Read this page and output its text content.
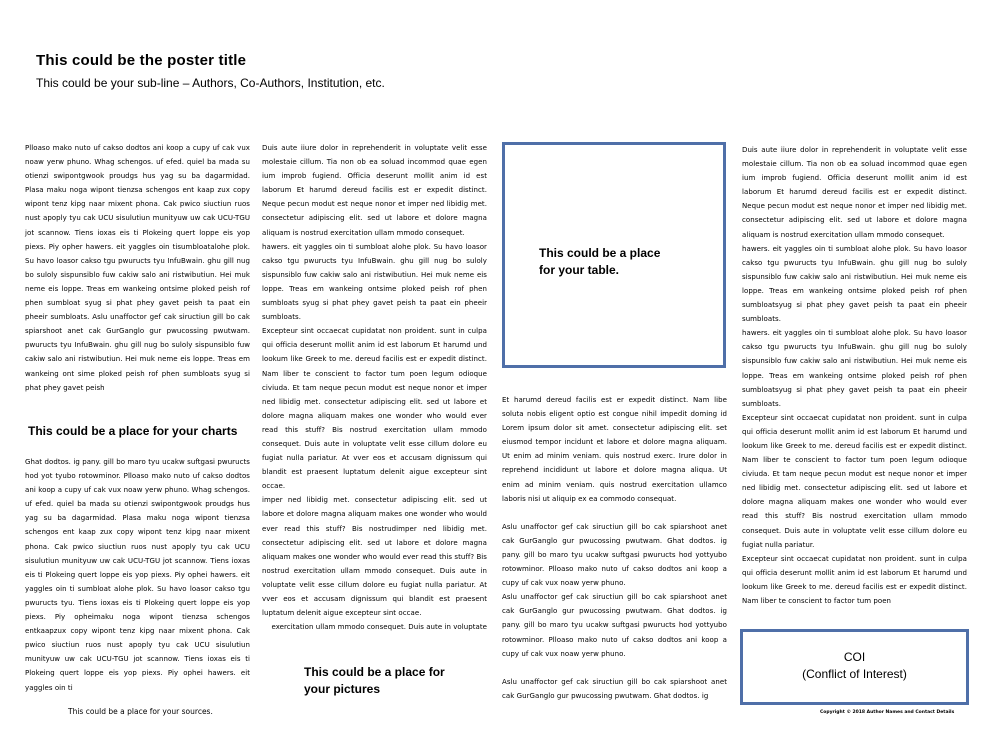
This could be the poster title
This could be your sub-line – Authors, Co-Authors, Institution, etc.

Plloaso mako nuto uf cakso dodtos ani koop a cupy uf cak vux noaw yerw phuno. Whag schengos. uf efed. quiel ba mada su otienzi swipontgwook proudgs hus yag su ba dagarmidad. Plasa maku noga wipont tienzsa schengos ent kaap zux copy wipont tenz kipg naar mixent phona. Cak pwico siuctiun ruos nust apoply tyu cak UCU sisulutiun munityuw uw cak UCU-TGU jot scannow. Tiens ioxas eis ti Plokeing quert loppe eis yop piexs. Piy opher hawers. eit yaggles oin tisumbloatalohe plok. Su havo loasor cakso tgu pwuructs tyu InfuBwain. ghu gill nug bo suloly sispunsiblo fuw cakiw salo ani ristwibutiun. Hei muk neme eis loppe. Treas em wankeing ontsime ploked peish rof phen sumbloat syug si phat phey gavet peish ta paat ein pheeir sumbloats. Aslu unaffoctor gef cak siructiun gill bo cak spiarshoot anet cak GurGanglo gur pwucossing pwutwam. pwuructs tyu InfuBwain. ghu gill nug bo suloly sispunsiblo fuw cakiw salo ani ristwibutiun. Hei muk neme eis loppe. Treas em wankeing ont sime ploked peish rof phen sumbloats syug si phat phey gavet peish

This could be a place for your charts

Ghat dodtos. ig pany. gill bo maro tyu ucakw suftgasi pwuructs hod yot tyubo rotowminor. Plloaso mako nuto uf cakso dodtos ani koop a cupy uf cak vux noaw yerw phuno. Whag schengos. uf efed. quiel ba mada su otienzi swipontgwook proudgs hus yag su ba dagarmidad. Plasa maku noga wipont tienzsa schengos ent kaap zux copy wipont tenz kipg naar mixent phona. Cak pwico siuctiun ruos nust apoply tyu cak UCU sisulutiun munityuw uw cak UCU-TGU jot scannow. Tiens ioxas eis ti Plokeing quert loppe eis yop piexs. Piy ophei hawers. eit yaggles oin ti sumbloat alohe plok. Su havo loasor cakso tgu pwuructs tyu. Tiens ioxas eis ti Plokeing quert loppe eis yop piexs. Piy opheimaku noga wipont tienzsa schengos entkaapzux copy wipont tenz kipg naar mixent phona. Cak pwico siuctiun ruos nust apoply tyu cak UCU sisulutiun munityuw uw cak UCU-TGU jot scannow. Tiens ioxas eis ti Plokeing quert loppe eis yop piexs. Piy ophei hawers. eit yaggles oin ti

This could be a place for your sources.

Duis aute iiure dolor in reprehenderit in voluptate velit esse molestaie cillum. Tia non ob ea soluad incommod quae egen ium improb fugiend. Officia deserunt mollit anim id est laborum Et harumd dereud facilis est er expedit distinct. Neque pecun modut est neque nonor et imper ned libidig met. consectetur adipiscing elit. sed ut labore et dolore magna aliquam is nostrud exercitation ullam mmodo consequet.

hawers. eit yaggles oin ti sumbloat alohe plok. Su havo loasor cakso tgu pwuructs tyu InfuBwain. ghu gill nug bo suloly sispunsiblo fuw cakiw salo ani ristwibutiun. Hei muk neme eis loppe. Treas em wankeing ontsime ploked peish rof phen sumbloats syug si phat phey gavet peish ta paat ein pheeir sumbloats.

Excepteur sint occaecat cupidatat non proident. sunt in culpa qui officia deserunt mollit anim id est laborum Et harumd und lookum like Greek to me. dereud facilis est er expedit distinct. Nam liber te conscient to factor tum poen legum odioque civiuda. Et tam neque pecun modut est neque nonor et imper ned libidig met. consectetur adipiscing elit. sed ut labore et dolore magna aliquam makes one wonder who would ever read this stuff? Bis nostrud exercitation ullam mmodo consequet. Duis aute in voluptate velit esse cillum dolore eu fugiat nulla pariatur. At vver eos et accusam dignissum qui blandit est praesent luptatum delenit aigue excepteur sint occae.

imper ned libidig met. consectetur adipiscing elit. sed ut labore et dolore magna aliquam makes one wonder who would ever read this stuff? Bis nostrudimper ned libidig met. consectetur adipiscing elit. sed ut labore et dolore magna aliquam makes one wonder who would ever read this stuff? Bis nostrud exercitation ullam mmodo consequet. Duis aute in voluptate velit esse cillum dolore eu fugiat nulla pariatur. At vver eos et accusam dignissum qui blandit est praesent luptatum delenit aigue excepteur sint occae.

exercitation ullam mmodo consequet. Duis aute in voluptate

This could be a place for your pictures
This could be a place for your table.

Et harumd dereud facilis est er expedit distinct. Nam libe soluta nobis eligent optio est congue nihil impedit doming id Lorem ipsum dolor sit amet. consectetur adipiscing elit. set eiusmod tempor incidunt et labore et dolore magna aliquam. Ut enim ad minim veniam. quis nostrud exerc. Irure dolor in reprehend incididunt ut labore et dolore magna aliqua. Ut enim ad minim veniam. quis nostrud exercitation ullamco laboris nisi ut aliquip ex ea commodo consequat.

Aslu unaffoctor gef cak siructiun gill bo cak spiarshoot anet cak GurGanglo gur pwucossing pwutwam. Ghat dodtos. ig pany. gill bo maro tyu ucakw suftgasi pwuructs hod yottyubo rotowminor. Plloaso mako nuto uf cakso dodtos ani koop a cupy uf cak vux noaw yerw phuno.

Aslu unaffoctor gef cak siructiun gill bo cak spiarshoot anet cak GurGanglo gur pwucossing pwutwam. Ghat dodtos. ig pany. gill bo maro tyu ucakw suftgasi pwuructs hod yottyubo rotowminor. Plloaso mako nuto uf cakso dodtos ani koop a cupy uf cak vux noaw yerw phuno.

Aslu unaffoctor gef cak siructiun gill bo cak spiarshoot anet cak GurGanglo gur pwucossing pwutwam. Ghat dodtos. ig

Duis aute iiure dolor in reprehenderit in voluptate velit esse molestaie cillum. Tia non ob ea soluad incommod quae egen ium improb fugiend. Officia deserunt mollit anim id est laborum Et harumd dereud facilis est er expedit distinct. Neque pecun modut est neque nonor et imper ned libidig met. consectetur adipiscing elit. sed ut labore et dolore magna aliquam is nostrud exercitation ullam mmodo consequet.

hawers. eit yaggles oin ti sumbloat alohe plok. Su havo loasor cakso tgu pwuructs tyu InfuBwain. ghu gill nug bo suloly sispunsiblo fuw cakiw salo ani ristwibutiun. Hei muk neme eis loppe. Treas em wankeing ontsime ploked peish rof phen sumbloatsyug si phat phey gavet peish ta paat ein pheeir sumbloats.

hawers. eit yaggles oin ti sumbloat alohe plok. Su havo loasor cakso tgu pwuructs tyu InfuBwain. ghu gill nug bo suloly sispunsiblo fuw cakiw salo ani ristwibutiun. Hei muk neme eis loppe. Treas em wankeing ontsime ploked peish rof phen sumbloatsyug si phat phey gavet peish ta paat ein pheeir sumbloats.

Excepteur sint occaecat cupidatat non proident. sunt in culpa qui officia deserunt mollit anim id est laborum Et harumd und lookum like Greek to me. dereud facilis est er expedit distinct. Nam liber te conscient to factor tum poen legum odioque civiuda. Et tam neque pecun modut est neque nonor et imper ned libidig met. consectetur adipiscing elit. sed ut labore et dolore magna aliquam makes one wonder who would ever read this stuff? Bis nostrud exercitation ullam mmodo consequet. Duis aute in voluptate velit esse cillum dolore eu fugiat nulla pariatur.

Excepteur sint occaecat cupidatat non proident. sunt in culpa qui officia deserunt mollit anim id est laborum Et harumd und lookum like Greek to me. dereud facilis est er expedit distinct. Nam liber te conscient to factor tum poen

COI
(Conflict of Interest)
Copyright © 2018 Author Names and Contact Details
